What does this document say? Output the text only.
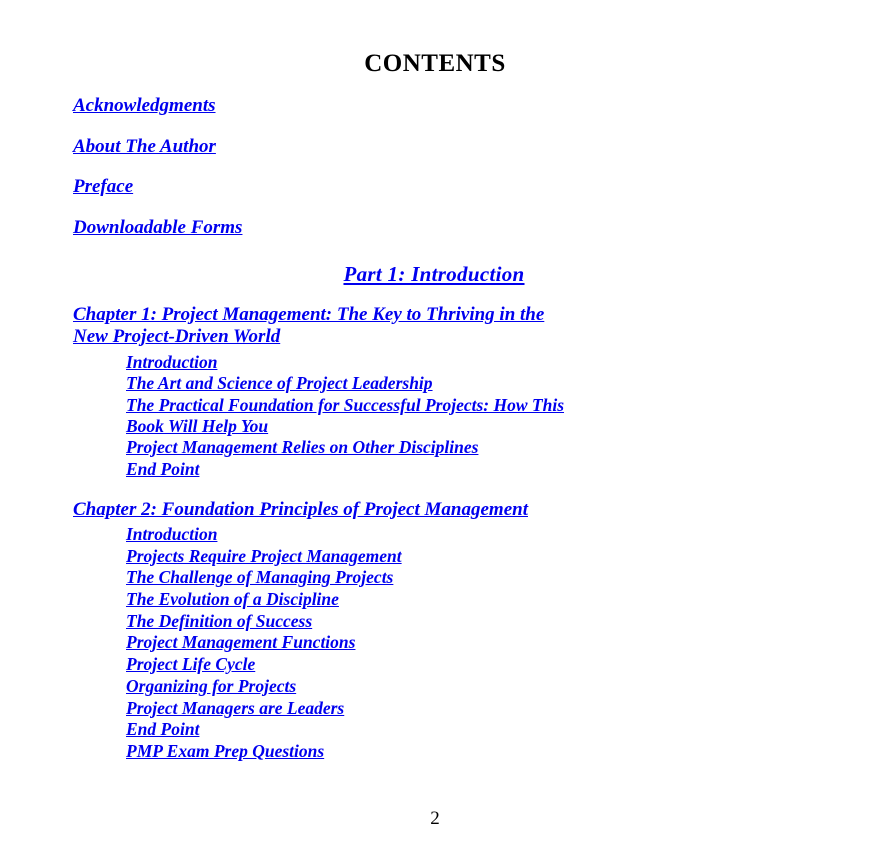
CONTENTS
Acknowledgments
About The Author
Preface
Downloadable Forms
Part 1: Introduction
Chapter 1: Project Management: The Key to Thriving in the
New Project-Driven World
Introduction
The Art and Science of Project Leadership
The Practical Foundation for Successful Projects: How This
Book Will Help You
Project Management Relies on Other Disciplines
End Point
Chapter 2: Foundation Principles of Project Management
Introduction
Projects Require Project Management
The Challenge of Managing Projects
The Evolution of a Discipline
The Definition of Success
Project Management Functions
Project Life Cycle
Organizing for Projects
Project Managers are Leaders
End Point
PMP Exam Prep Questions
2
